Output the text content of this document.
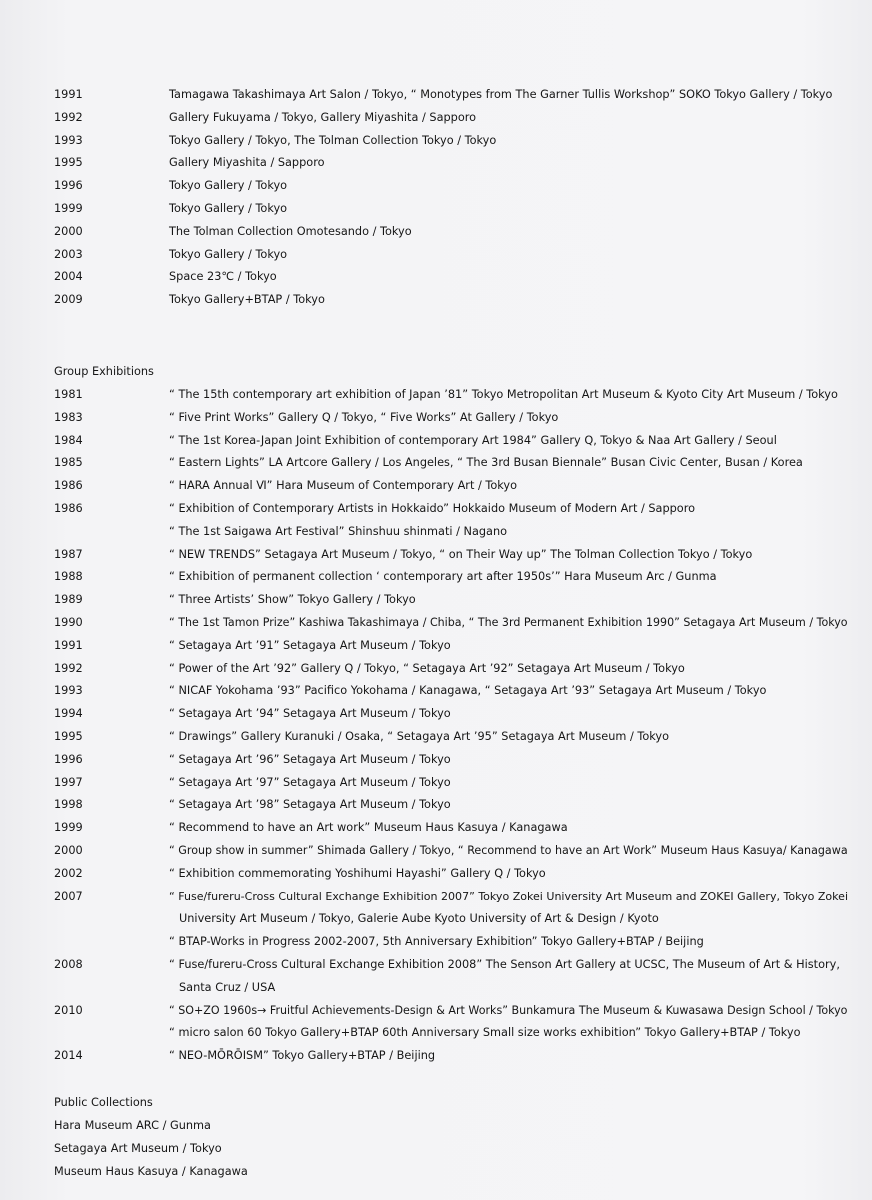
1991	Tamagawa Takashimaya Art Salon / Tokyo, “ Monotypes from The Garner Tullis Workshop” SOKO Tokyo Gallery / Tokyo
1992	Gallery Fukuyama / Tokyo, Gallery Miyashita / Sapporo
1993	Tokyo Gallery / Tokyo, The Tolman Collection Tokyo / Tokyo
1995	Gallery Miyashita / Sapporo
1996	Tokyo Gallery / Tokyo
1999	Tokyo Gallery / Tokyo
2000	The Tolman Collection Omotesando / Tokyo
2003	Tokyo Gallery / Tokyo
2004	Space 23℃ / Tokyo
2009	Tokyo Gallery+BTAP / Tokyo
Group Exhibitions
1981	“ The 15th contemporary art exhibition of Japan ’81” Tokyo Metropolitan Art Museum & Kyoto City Art Museum / Tokyo
1983	“ Five Print Works” Gallery Q / Tokyo, “ Five Works” At Gallery / Tokyo
1984	“ The 1st Korea-Japan Joint Exhibition of contemporary Art 1984” Gallery Q, Tokyo & Naa Art Gallery / Seoul
1985	“ Eastern Lights” LA Artcore Gallery / Los Angeles, “ The 3rd Busan Biennale” Busan Civic Center, Busan / Korea
1986	“ HARA Annual Ⅵ” Hara Museum of Contemporary Art / Tokyo
1986	“ Exhibition of Contemporary Artists in Hokkaido” Hokkaido Museum of Modern Art / Sapporo
“ The 1st Saigawa Art Festival” Shinshuu shinmati / Nagano
1987	“ NEW TRENDS” Setagaya Art Museum / Tokyo, “ on Their Way up” The Tolman Collection Tokyo / Tokyo
1988	“ Exhibition of permanent collection ‘ contemporary art after 1950s’” Hara Museum Arc / Gunma
1989	“ Three Artists’ Show” Tokyo Gallery / Tokyo
1990	“ The 1st Tamon Prize” Kashiwa Takashimaya / Chiba, “ The 3rd Permanent Exhibition 1990” Setagaya Art Museum / Tokyo
1991	“ Setagaya Art ’91” Setagaya Art Museum / Tokyo
1992	“ Power of the Art ’92” Gallery Q / Tokyo, “ Setagaya Art ’92” Setagaya Art Museum / Tokyo
1993	“ NICAF Yokohama ’93” Pacifico Yokohama / Kanagawa, “ Setagaya Art ’93” Setagaya Art Museum / Tokyo
1994	“ Setagaya Art ’94” Setagaya Art Museum / Tokyo
1995	“ Drawings” Gallery Kuranuki / Osaka, “ Setagaya Art ’95” Setagaya Art Museum / Tokyo
1996	“ Setagaya Art ’96” Setagaya Art Museum / Tokyo
1997	“ Setagaya Art ’97” Setagaya Art Museum / Tokyo
1998	“ Setagaya Art ’98” Setagaya Art Museum / Tokyo
1999	“ Recommend to have an Art work” Museum Haus Kasuya / Kanagawa
2000	“ Group show in summer” Shimada Gallery / Tokyo, “ Recommend to have an Art Work” Museum Haus Kasuya/ Kanagawa
2002	“ Exhibition commemorating Yoshihumi Hayashi” Gallery Q / Tokyo
2007	“ Fuse/fureru-Cross Cultural Exchange Exhibition 2007” Tokyo Zokei University Art Museum and ZOKEI Gallery, Tokyo Zokei
University Art Museum / Tokyo, Galerie Aube Kyoto University of Art & Design / Kyoto
“ BTAP-Works in Progress 2002-2007, 5th Anniversary Exhibition” Tokyo Gallery+BTAP / Beijing
2008	“ Fuse/fureru-Cross Cultural Exchange Exhibition 2008” The Senson Art Gallery at UCSC, The Museum of Art & History,
Santa Cruz / USA
2010	“ SO+ZO 1960s→ Fruitful Achievements-Design & Art Works” Bunkamura The Museum & Kuwasawa Design School / Tokyo
“ micro salon 60 Tokyo Gallery+BTAP 60th Anniversary Small size works exhibition” Tokyo Gallery+BTAP / Tokyo
2014	“ NEO-MŌRŌISM” Tokyo Gallery+BTAP / Beijing
Public Collections
Hara Museum ARC / Gunma
Setagaya Art Museum / Tokyo
Museum Haus Kasuya / Kanagawa
